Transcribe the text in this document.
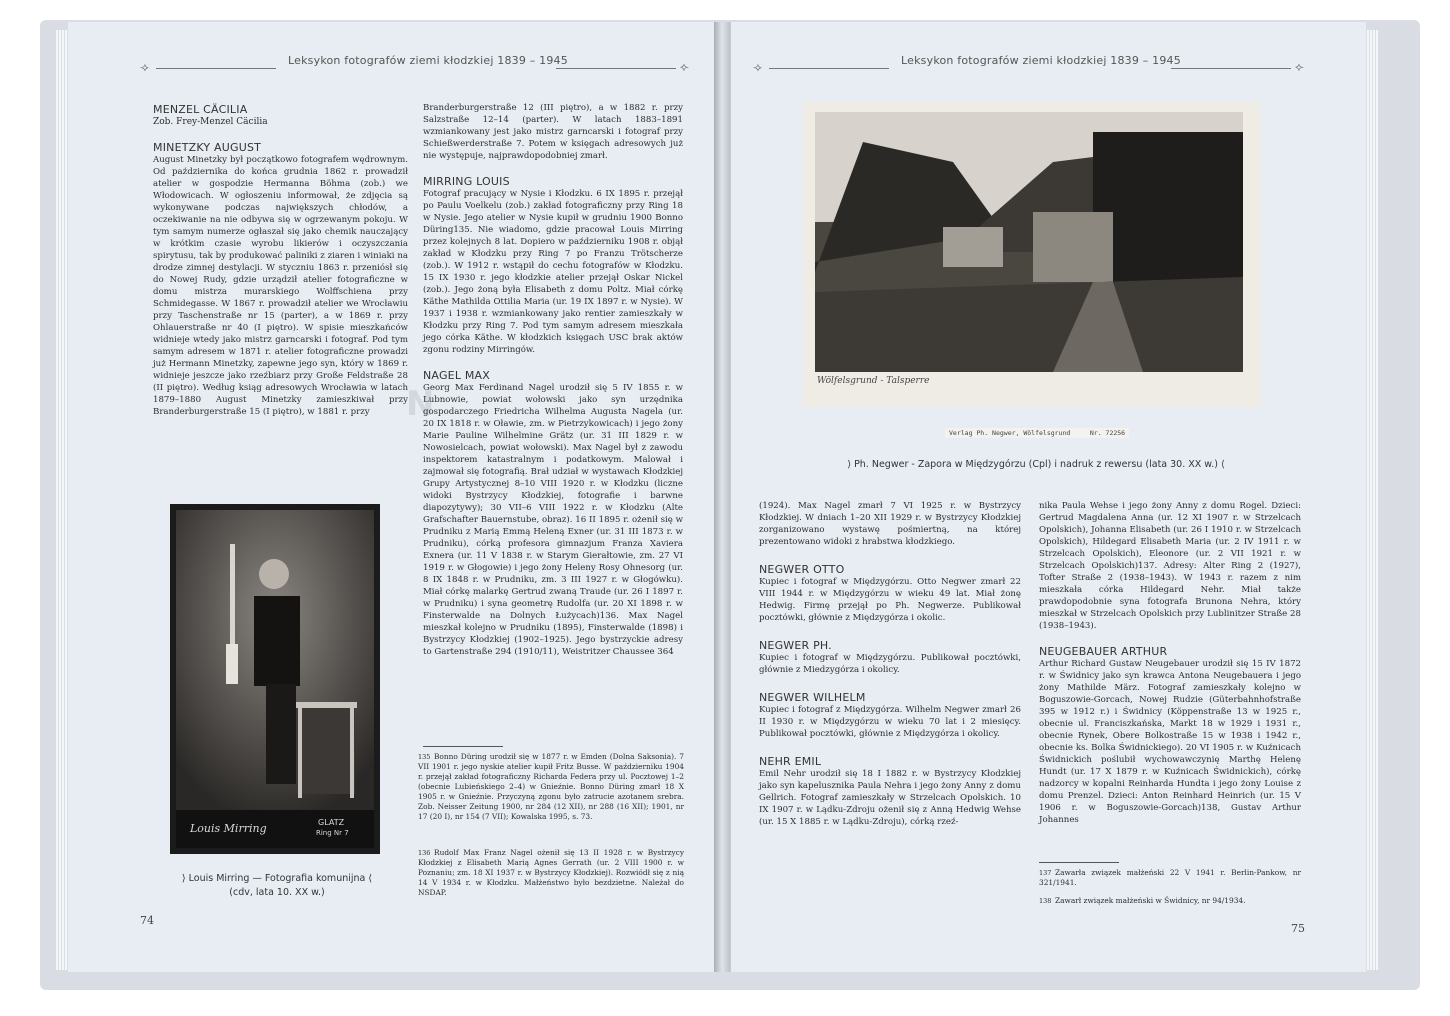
⟢	Leksykon fotografów ziemi kłodzkiej 1839 – 1945	⟣

MENZEL CÄCILIA

Zob. Frey-Menzel Cäcilia

MINETZKY AUGUST

August Minetzky był początkowo fotografem wędrownym. Od października do końca grudnia 1862 r. prowadził atelier w gospodzie Hermanna Böhma (zob.) we Włodowicach. W ogłoszeniu informował, że zdjęcia są wykonywane podczas największych chłodów, a oczekiwanie na nie odbywa się w ogrzewanym pokoju. W tym samym numerze ogłaszał się jako chemik nauczający w krótkim czasie wyrobu likierów i oczyszczania spirytusu, tak by produkować paliniki z ziaren i winiaki na drodze zimnej destylacji. W styczniu 1863 r. przeniósł się do Nowej Rudy, gdzie urządził atelier fotograficzne w domu mistrza murarskiego Wolffschiena przy Schmidegasse. W 1867 r. prowadził atelier we Wrocławiu przy Taschenstraße nr 15 (parter), a w 1869 r. przy Ohlauerstraße nr 40 (I piętro). W spisie mieszkańców widnieje wtedy jako mistrz garncarski i fotograf. Pod tym samym adresem w 1871 r. atelier fotograficzne prowadzi już Hermann Minetzky, zapewne jego syn, który w 1869 r. widnieje jeszcze jako rzeźbiarz przy Große Feldstraße 28 (II piętro). Według ksiąg adresowych Wrocławia w latach 1879–1880 August Minetzky zamieszkiwał przy Branderburgerstraße 15 (I piętro), w 1881 r. przy

Louis Mirring	GLATZ
Ring Nr 7
⟩ Louis Mirring — Fotografia komunijna ⟨
(cdv, lata 10. XX w.)
74
N

Branderburgerstraße 12 (III piętro), a w 1882 r. przy Salzstraße 12–14 (parter). W latach 1883–1891 wzmiankowany jest jako mistrz garncarski i fotograf przy Schießwerderstraße 7. Potem w księgach adresowych już nie występuje, najprawdopodobniej zmarł.

MIRRING LOUIS

Fotograf pracujący w Nysie i Kłodzku. 6 IX 1895 r. przejął po Paulu Voelkelu (zob.) zakład fotograficzny przy Ring 18 w Nysie. Jego atelier w Nysie kupił w grudniu 1900 Bonno Düring135. Nie wiadomo, gdzie pracował Louis Mirring przez kolejnych 8 lat. Dopiero w październiku 1908 r. objął zakład w Kłodzku przy Ring 7 po Franzu Trötscherze (zob.). W 1912 r. wstąpił do cechu fotografów w Kłodzku. 15 IX 1930 r. jego kłodzkie atelier przejął Oskar Nickel (zob.). Jego żoną była Elisabeth z domu Poltz. Miał córkę Käthe Mathilda Ottilia Maria (ur. 19 IX 1897 r. w Nysie). W 1937 i 1938 r. wzmiankowany jako rentier zamieszkały w Kłodzku przy Ring 7. Pod tym samym adresem mieszkała jego córka Käthe. W kłodzkich księgach USC brak aktów zgonu rodziny Mirringów.

NAGEL MAX

Georg Max Ferdinand Nagel urodził się 5 IV 1855 r. w Lubnowie, powiat wołowski jako syn urzędnika gospodarczego Friedricha Wilhelma Augusta Nagela (ur. 20 IX 1818 r. w Oławie, zm. w Pietrzykowicach) i jego żony Marie Pauline Wilhelmine Grätz (ur. 31 III 1829 r. w Nowosielcach, powiat wołowski). Max Nagel był z zawodu inspektorem katastralnym i podatkowym. Malował i zajmował się fotografią. Brał udział w wystawach Kłodzkiej Grupy Artystycznej 8–10 VIII 1920 r. w Kłodzku (liczne widoki Bystrzycy Kłodzkiej, fotografie i barwne diapozytywy); 30 VII–6 VIII 1922 r. w Kłodzku (Alte Grafschafter Bauernstube, obraz). 16 II 1895 r. ożenił się w Prudniku z Marią Emmą Heleną Exner (ur. 31 III 1873 r. w Prudniku), córką profesora gimnazjum Franza Xaviera Exnera (ur. 11 V 1838 r. w Starym Gierałtowie, zm. 27 VI 1919 r. w Głogowie) i jego żony Heleny Rosy Ohnesorg (ur. 8 IX 1848 r. w Prudniku, zm. 3 III 1927 r. w Głogówku). Miał córkę malarkę Gertrud zwaną Traude (ur. 26 I 1897 r. w Prudniku) i syna geometrę Rudolfa (ur. 20 XI 1898 r. w Finsterwalde na Dolnych Łużycach)136. Max Nagel mieszkał kolejno w Prudniku (1895), Finsterwalde (1898) i Bystrzycy Kłodzkiej (1902–1925). Jego bystrzyckie adresy to Gartenstraße 294 (1910/11), Weistritzer Chaussee 364

135 Bonno Düring urodził się w 1877 r. w Emden (Dolna Saksonia). 7 VII 1901 r. jego nyskie atelier kupił Fritz Busse. W październiku 1904 r. przejął zakład fotograficzny Richarda Federa przy ul. Pocztowej 1–2 (obecnie Lubieńskiego 2–4) w Gnieźnie. Bonno Düring zmarł 18 X 1905 r. w Gnieźnie. Przyczyną zgonu było zatrucie azotanem srebra. Zob. Neisser Zeitung 1900, nr 284 (12 XII), nr 288 (16 XII); 1901, nr 17 (20 I), nr 154 (7 VII); Kowalska 1995, s. 73.
136 Rudolf Max Franz Nagel ożenił się 13 II 1928 r. w Bystrzycy Kłodzkiej z Elisabeth Marią Agnes Gerrath (ur. 2 VIII 1900 r. w Poznaniu; zm. 18 XI 1937 r. w Bystrzycy Kłodzkiej). Rozwiódł się z nią 14 V 1934 r. w Kłodzku. Małżeństwo było bezdzietne. Należał do NSDAP.
⟢	Leksykon fotografów ziemi kłodzkiej 1839 – 1945	⟣
Wölfelsgrund - Talsperre
Verlag Ph. Negwer, Wölfelsgrund     Nr. 72256
⟩ Ph. Negwer - Zapora w Międzygórzu (Cpl) i nadruk z rewersu (lata 30. XX w.) ⟨

(1924). Max Nagel zmarł 7 VI 1925 r. w Bystrzycy Kłodzkiej. W dniach 1–20 XII 1929 r. w Bystrzycy Kłodzkiej zorganizowano wystawę pośmiertną, na której prezentowano widoki z hrabstwa kłodzkiego.

NEGWER OTTO

Kupiec i fotograf w Międzygórzu. Otto Negwer zmarł 22 VIII 1944 r. w Międzygórzu w wieku 49 lat. Miał żonę Hedwig. Firmę przejął po Ph. Negwerze. Publikował pocztówki, głównie z Międzygórza i okolic.

NEGWER PH.

Kupiec i fotograf w Międzygórzu. Publikował pocztówki, głównie z Miedzygórza i okolicy.

NEGWER WILHELM

Kupiec i fotograf z Międzygórza. Wilhelm Negwer zmarł 26 II 1930 r. w Międzygórzu w wieku 70 lat i 2 miesięcy. Publikował pocztówki, głównie z Międzygórza i okolicy.

NEHR EMIL

Emil Nehr urodził się 18 I 1882 r. w Bystrzycy Kłodzkiej jako syn kapelusznika Paula Nehra i jego żony Anny z domu Gellrich. Fotograf zamieszkały w Strzelcach Opolskich. 10 IX 1907 r. w Lądku-Zdroju ożenił się z Anną Hedwig Wehse (ur. 15 X 1885 r. w Lądku-Zdroju), córką rzeź-

nika Paula Wehse i jego żony Anny z domu Rogel. Dzieci: Gertrud Magdalena Anna (ur. 12 XI 1907 r. w Strzelcach Opolskich), Johanna Elisabeth (ur. 26 I 1910 r. w Strzelcach Opolskich), Hildegard Elisabeth Maria (ur. 2 IV 1911 r. w Strzelcach Opolskich), Eleonore (ur. 2 VII 1921 r. w Strzelcach Opolskich)137. Adresy: Alter Ring 2 (1927), Tofter Straße 2 (1938–1943). W 1943 r. razem z nim mieszkała córka Hildegard Nehr. Miał także prawdopodobnie syna fotografa Brunona Nehra, który mieszkał w Strzelcach Opolskich przy Lublinitzer Straße 28 (1938–1943).

NEUGEBAUER ARTHUR

Arthur Richard Gustaw Neugebauer urodził się 15 IV 1872 r. w Świdnicy jako syn krawca Antona Neugebauera i jego żony Mathilde März. Fotograf zamieszkały kolejno w Boguszowie-Gorcach, Nowej Rudzie (Güterbahnhofstraße 395 w 1912 r.) i Świdnicy (Köppenstraße 13 w 1925 r., obecnie ul. Franciszkańska, Markt 18 w 1929 i 1931 r., obecnie Rynek, Obere Bolkostraße 15 w 1938 i 1942 r., obecnie ks. Bolka Świdnickiego). 20 VI 1905 r. w Kuźnicach Świdnickich poślubił wychowawczynię Marthę Helenę Hundt (ur. 17 X 1879 r. w Kuźnicach Świdnickich), córkę nadzorcy w kopalni Reinharda Hundta i jego żony Louise z domu Prenzel. Dzieci: Anton Reinhard Heinrich (ur. 15 V 1906 r. w Boguszowie-Gorcach)138, Gustav Arthur Johannes

137 Zawarła związek małżeński 22 V 1941 r. Berlin-Pankow, nr 321/1941.
138 Zawarł związek małżeński w Świdnicy, nr 94/1934.
75
